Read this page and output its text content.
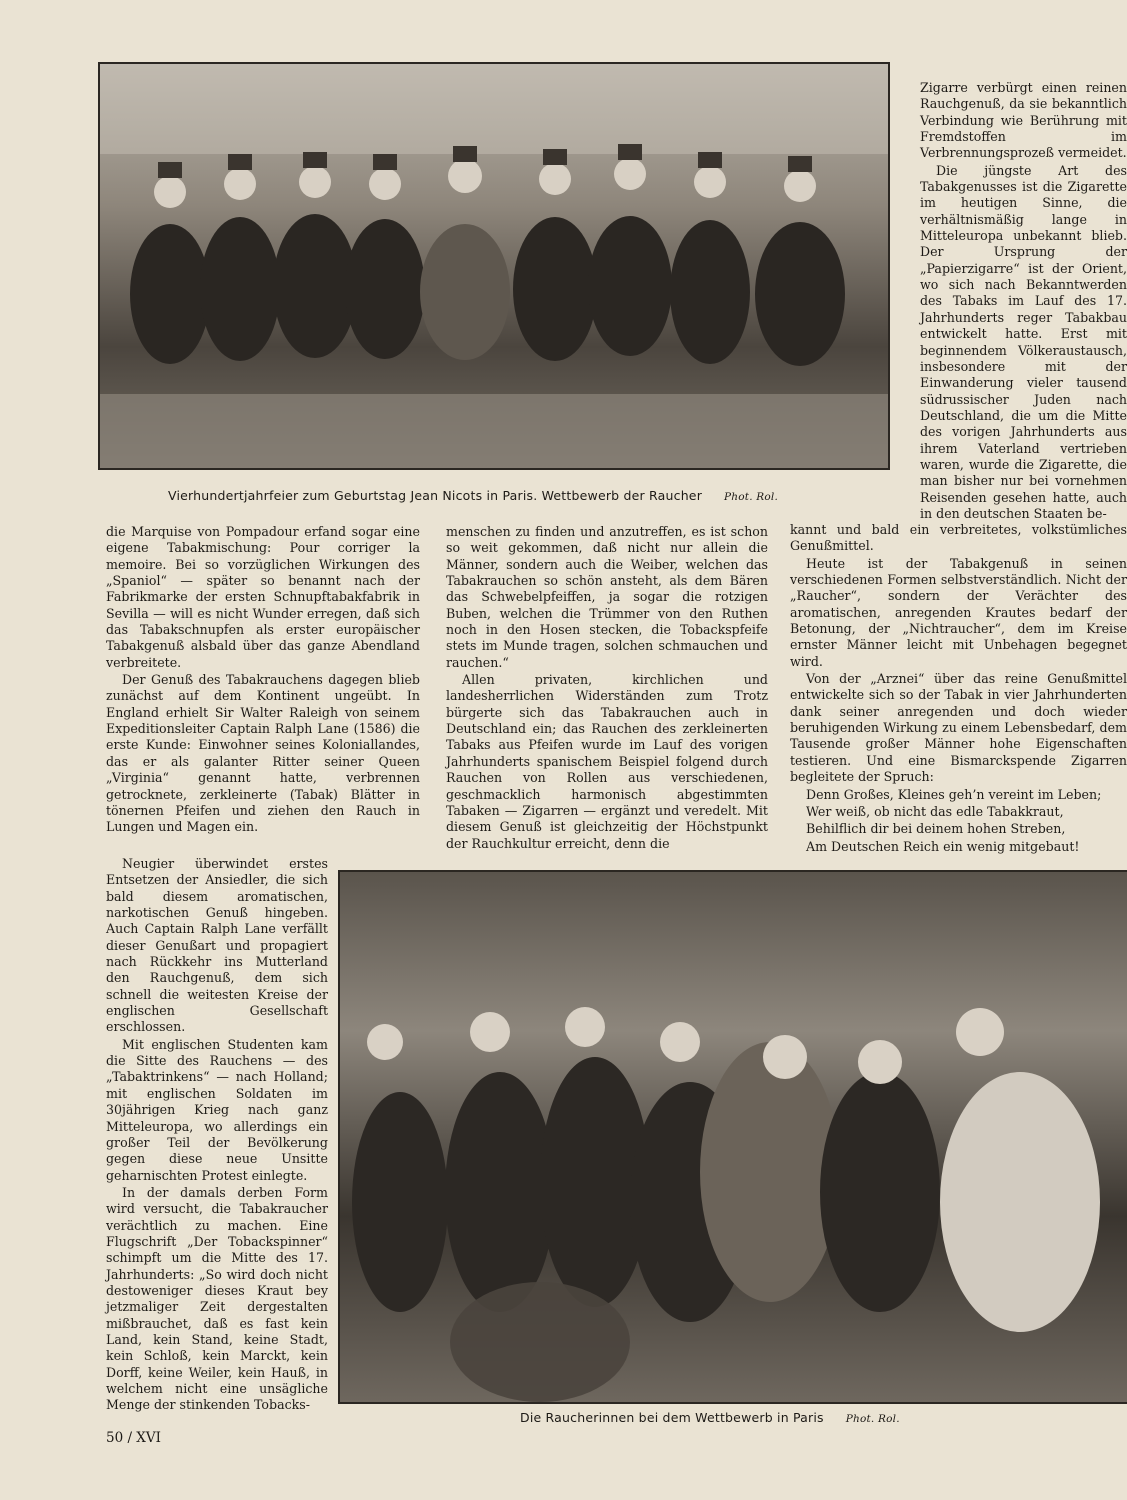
Vierhundertjahrfeier zum Geburtstag Jean Nicots in Paris. Wettbewerb der Raucher Phot. Rol.

Zigarre verbürgt einen reinen Rauchgenuß, da sie bekanntlich Verbindung wie Berührung mit Fremdstoffen im Verbrennungsprozeß vermeidet.

Die jüngste Art des Tabakgenusses ist die Zigarette im heutigen Sinne, die verhältnismäßig lange in Mitteleuropa unbekannt blieb. Der Ursprung der „Papierzigarre“ ist der Orient, wo sich nach Bekanntwerden des Tabaks im Lauf des 17. Jahrhunderts reger Tabakbau entwickelt hatte. Erst mit beginnendem Völkeraustausch, insbesondere mit der Einwanderung vieler tausend südrussischer Juden nach Deutschland, die um die Mitte des vorigen Jahrhunderts aus ihrem Vaterland vertrieben waren, wurde die Zigarette, die man bisher nur bei vornehmen Reisenden gesehen hatte, auch in den deutschen Staaten be-

die Marquise von Pompadour erfand sogar eine eigene Tabakmischung: Pour corriger la memoire. Bei so vorzüglichen Wirkungen des „Spaniol“ — später so benannt nach der Fabrikmarke der ersten Schnupftabakfabrik in Sevilla — will es nicht Wunder erregen, daß sich das Tabakschnupfen als erster europäischer Tabakgenuß alsbald über das ganze Abendland verbreitete.

Der Genuß des Tabakrauchens dagegen blieb zunächst auf dem Kontinent ungeübt. In England erhielt Sir Walter Raleigh von seinem Expeditionsleiter Captain Ralph Lane (1586) die erste Kunde: Einwohner seines Koloniallandes, das er als galanter Ritter seiner Queen „Virginia“ genannt hatte, verbrennen getrocknete, zerkleinerte (Tabak) Blätter in tönernen Pfeifen und ziehen den Rauch in Lungen und Magen ein.

Neugier überwindet erstes Entsetzen der Ansiedler, die sich bald diesem aromatischen, narkotischen Genuß hingeben. Auch Captain Ralph Lane verfällt dieser Genußart und propagiert nach Rückkehr ins Mutterland den Rauchgenuß, dem sich schnell die weitesten Kreise der englischen Gesellschaft erschlossen.

Mit englischen Studenten kam die Sitte des Rauchens — des „Tabaktrinkens“ — nach Holland; mit englischen Soldaten im 30jährigen Krieg nach ganz Mitteleuropa, wo allerdings ein großer Teil der Bevölkerung gegen diese neue Unsitte geharnischten Protest einlegte.

In der damals derben Form wird versucht, die Tabakraucher verächtlich zu machen. Eine Flugschrift „Der Tobackspinner“ schimpft um die Mitte des 17. Jahrhunderts: „So wird doch nicht destoweniger dieses Kraut bey jetzmaliger Zeit dergestalten mißbrauchet, daß es fast kein Land, kein Stand, keine Stadt, kein Schloß, kein Marckt, kein Dorff, keine Weiler, kein Hauß, in welchem nicht eine unsägliche Menge der stinkenden Tobacks-

menschen zu finden und anzutreffen, es ist schon so weit gekommen, daß nicht nur allein die Männer, sondern auch die Weiber, welchen das Tabakrauchen so schön ansteht, als dem Bären das Schwebelpfeiffen, ja sogar die rotzigen Buben, welchen die Trümmer von den Ruthen noch in den Hosen stecken, die Tobackspfeife stets im Munde tragen, solchen schmauchen und rauchen.“

Allen privaten, kirchlichen und landesherrlichen Widerständen zum Trotz bürgerte sich das Tabakrauchen auch in Deutschland ein; das Rauchen des zerkleinerten Tabaks aus Pfeifen wurde im Lauf des vorigen Jahrhunderts spanischem Beispiel folgend durch Rauchen von Rollen aus verschiedenen, geschmacklich harmonisch abgestimmten Tabaken — Zigarren — ergänzt und veredelt. Mit diesem Genuß ist gleichzeitig der Höchstpunkt der Rauchkultur erreicht, denn die

kannt und bald ein verbreitetes, volkstümliches Genußmittel.

Heute ist der Tabakgenuß in seinen verschiedenen Formen selbstverständlich. Nicht der „Raucher“, sondern der Verächter des aromatischen, anregenden Krautes bedarf der Betonung, der „Nichtraucher“, dem im Kreise ernster Männer leicht mit Unbehagen begegnet wird.

Von der „Arznei“ über das reine Genußmittel entwickelte sich so der Tabak in vier Jahrhunderten dank seiner anregenden und doch wieder beruhigenden Wirkung zu einem Lebensbedarf, dem Tausende großer Männer hohe Eigenschaften testieren. Und eine Bismarckspende Zigarren begleitete der Spruch:

Denn Großes, Kleines geh’n vereint im Leben;

Wer weiß, ob nicht das edle Tabakkraut,

Behilflich dir bei deinem hohen Streben,

Am Deutschen Reich ein wenig mitgebaut!

Die Raucherinnen bei dem Wettbewerb in Paris Phot. Rol.
50 / XVI
